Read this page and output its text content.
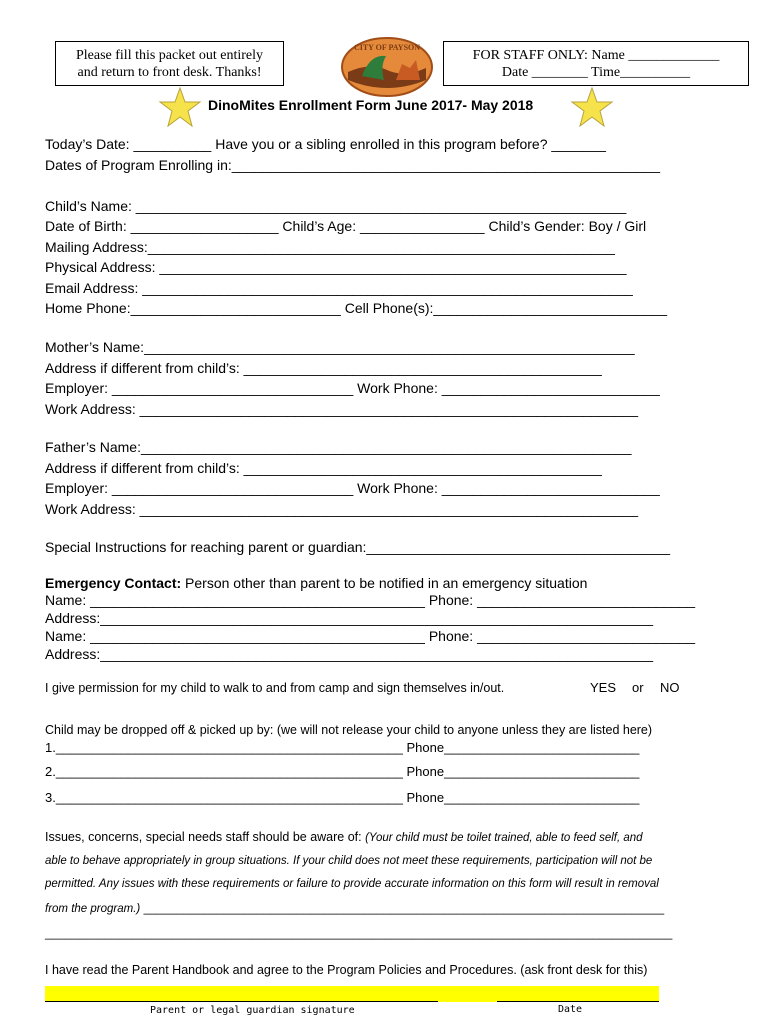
Please fill this packet out entirely
and return to front desk. Thanks!
CITY OF PAYSON
FOR STAFF ONLY: Name _____________
Date ________ Time__________
DinoMites Enrollment Form June 2017- May 2018
Today’s Date: __________ Have you or a sibling enrolled in this program before? _______
Dates of Program Enrolling in:_______________________________________________________
Child’s Name: _______________________________________________________________
Date of Birth: ___________________ Child’s Age: ________________ Child’s Gender: Boy / Girl
Mailing Address:____________________________________________________________
Physical Address: ____________________________________________________________
Email Address: _______________________________________________________________
Home Phone:___________________________ Cell Phone(s):______________________________
Mother’s Name:_______________________________________________________________
Address if different from child’s: ______________________________________________
Employer: _______________________________ Work Phone: ____________________________
Work Address: ________________________________________________________________
Father’s Name:_______________________________________________________________
Address if different from child’s: ______________________________________________
Employer: _______________________________ Work Phone: ____________________________
Work Address: ________________________________________________________________
Special Instructions for reaching parent or guardian:_______________________________________
Emergency Contact: Person other than parent to be notified in an emergency situation
Name: ___________________________________________ Phone: ____________________________
Address:_______________________________________________________________________
Name: ___________________________________________ Phone: ____________________________
Address:_______________________________________________________________________
I give permission for my child to walk to and from camp and sign themselves in/out.	YES or NO
Child may be dropped off & picked up by: (we will not release your child to anyone unless they are listed here)
1.________________________________________________ Phone___________________________
2.________________________________________________ Phone___________________________
3.________________________________________________ Phone___________________________
Issues, concerns, special needs staff should be aware of: (Your child must be toilet trained, able to feed self, and
able to behave appropriately in group situations. If your child does not meet these requirements, participation will not be
permitted. Any issues with these requirements or failure to provide accurate information on this form will result in removal
from the program.) ______________________________________________________________________________
______________________________________________________________________________________________
I have read the Parent Handbook and agree to the Program Policies and Procedures. (ask front desk for this)
Parent or legal guardian signature	Date
